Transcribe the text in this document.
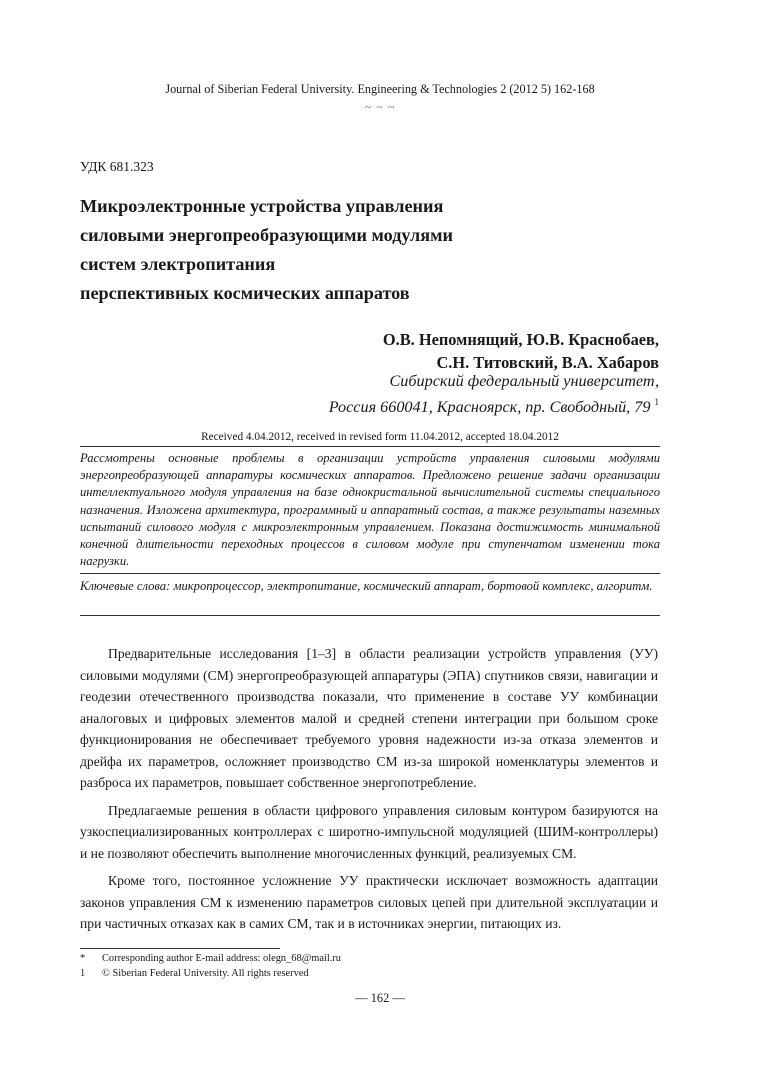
Journal of Siberian Federal University. Engineering & Technologies 2 (2012 5) 162-168
~ ~ ~
УДК 681.323
Микроэлектронные устройства управления
силовыми энергопреобразующими модулями
систем электропитания
перспективных космических аппаратов
О.В. Непомнящий, Ю.В. Краснобаев,
С.Н. Титовский, В.А. Хабаров
Сибирский федеральный университет,
Россия 660041, Красноярск, пр. Свободный, 79 $^1$
Received 4.04.2012, received in revised form 11.04.2012, accepted 18.04.2012
Рассмотрены основные проблемы в организации устройств управления силовыми модулями энергопреобразующей аппаратуры космических аппаратов. Предложено решение задачи организации интеллектуального модуля управления на базе однокристальной вычислительной системы специального назначения. Изложена архитектура, программный и аппаратный состав, а также результаты наземных испытаний силового модуля с микроэлектронным управлением. Показана достижимость минимальной конечной длительности переходных процессов в силовом модуле при ступенчатом изменении тока нагрузки.
Ключевые слова: микропроцессор, электропитание, космический аппарат, бортовой комплекс, алгоритм.

Предварительные исследования [1–3] в области реализации устройств управления (УУ) силовыми модулями (СМ) энергопреобразующей аппаратуры (ЭПА) спутников связи, навигации и геодезии отечественного производства показали, что применение в составе УУ комбинации аналоговых и цифровых элементов малой и средней степени интеграции при большом сроке функционирования не обеспечивает требуемого уровня надежности из-за отказа элементов и дрейфа их параметров, осложняет производство СМ из-за широкой номенклатуры элементов и разброса их параметров, повышает собственное энергопотребление.

Предлагаемые решения в области цифрового управления силовым контуром базируются на узкоспециализированных контроллерах с широтно-импульсной модуляцией (ШИМ-контроллеры) и не позволяют обеспечить выполнение многочисленных функций, реализуемых СМ.

Кроме того, постоянное усложнение УУ практически исключает возможность адаптации законов управления СМ к изменению параметров силовых цепей при длительной эксплуатации и при частичных отказах как в самих СМ, так и в источниках энергии, питающих из.

*	Corresponding author E-mail address: olegn_68@mail.ru
1	© Siberian Federal University. All rights reserved
— 162 —
